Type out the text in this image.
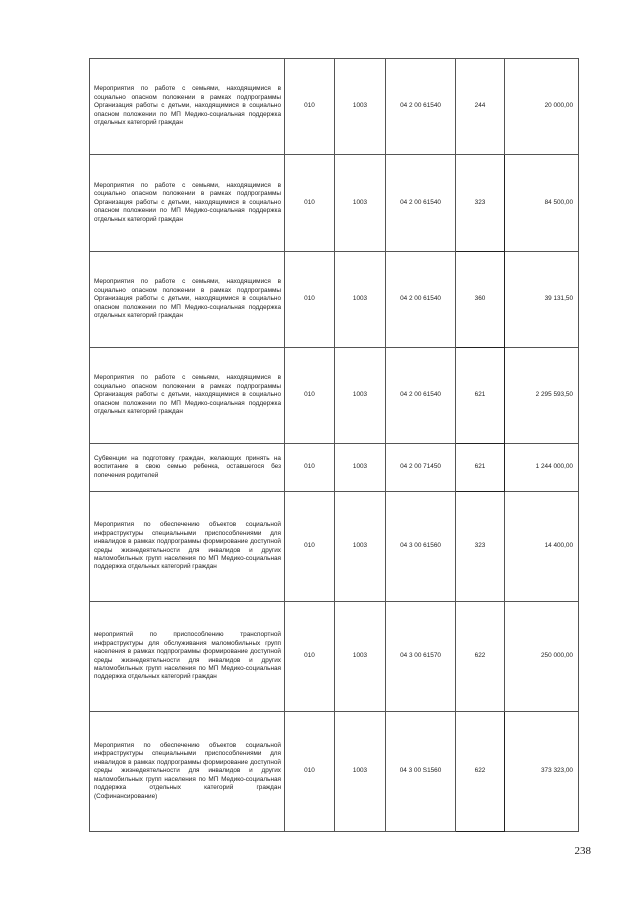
Мероприятия по работе с семьями, находящимися в социально опасном положении в рамках подпрограммы Организация работы с детьми, находящимися в социально опасном положении по МП Медико-социальная поддержка отдельных категорий граждан	010	1003	04 2 00 61540	244	20 000,00
Мероприятия по работе с семьями, находящимися в социально опасном положении в рамках подпрограммы Организация работы с детьми, находящимися в социально опасном положении по МП Медико-социальная поддержка отдельных категорий граждан	010	1003	04 2 00 61540	323	84 500,00
Мероприятия по работе с семьями, находящимися в социально опасном положении в рамках подпрограммы Организация работы с детьми, находящимися в социально опасном положении по МП Медико-социальная поддержка отдельных категорий граждан	010	1003	04 2 00 61540	360	39 131,50
Мероприятия по работе с семьями, находящимися в социально опасном положении в рамках подпрограммы Организация работы с детьми, находящимися в социально опасном положении по МП Медико-социальная поддержка отдельных категорий граждан	010	1003	04 2 00 61540	621	2 295 593,50
Субвенции на подготовку граждан, желающих принять на воспитание в свою семью ребенка, оставшегося без попечения родителей	010	1003	04 2 00 71450	621	1 244 000,00
Мероприятия по обеспечению объектов социальной инфраструктуры специальными приспособлениями для инвалидов в рамках подпрограммы формирование доступной среды жизнедеятельности для инвалидов и других маломобильных групп населения по МП Медико-социальная поддержка отдельных категорий граждан	010	1003	04 3 00 61560	323	14 400,00
мероприятий по приспособлению транспортной инфраструктуры для обслуживания маломобильных групп населения в рамках подпрограммы формирование доступной среды жизнедеятельности для инвалидов и других маломобильных групп населения по МП Медико-социальная поддержка отдельных категорий граждан	010	1003	04 3 00 61570	622	250 000,00
Мероприятия по обеспечению объектов социальной инфраструктуры специальными приспособлениями для инвалидов в рамках подпрограммы формирование доступной среды жизнедеятельности для инвалидов и других маломобильных групп населения по МП Медико-социальная поддержка отдельных категорий граждан (Софинансирование)	010	1003	04 3 00 S1560	622	373 323,00
238
